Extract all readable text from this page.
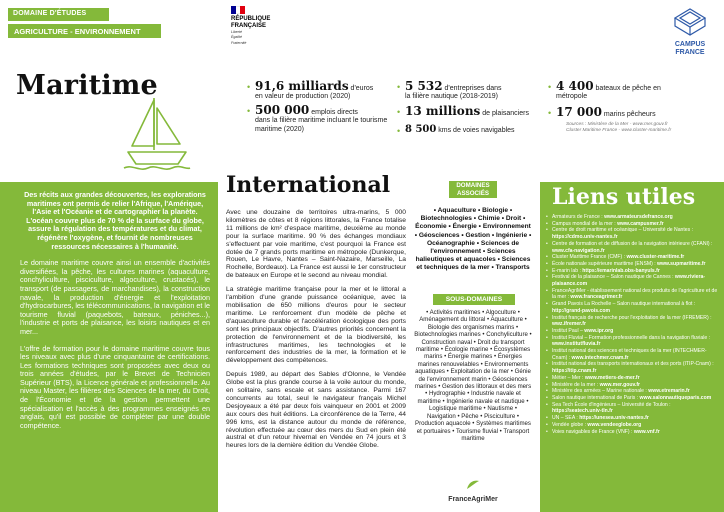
DOMAINE D'ÉTUDES
AGRICULTURE - ENVIRONNEMENT
RÉPUBLIQUE
FRANÇAISE
Liberté
Égalité
Fraternité	CAMPUS
FRANCE
Maritime	• 91,6 milliards d'euros
en valeur de production (2020)
• 500 000 emplois directs
dans la filière maritime incluant le tourisme maritime (2020)
• 5 532 d'entreprises dans
la filière nautique (2018-2019)
• 13 millions de plaisanciers
• 8 500 kms de voies navigables
• 4 400 bateaux de pêche en
métropole
• 17 000 marins pêcheurs
Sources : Ministère de la Mer - www.mer.gouv.fr
Cluster Maritime France - www.cluster-maritime.fr

Des récits aux grandes découvertes, les explorations maritimes ont permis de relier l'Afrique, l'Amérique, l'Asie et l'Océanie et de cartographier la planète. L'océan couvre plus de 70 % de la surface du globe, assure la régulation des températures et du climat, régénère l'oxygène, et fournit de nombreuses ressources nécessaires à l'humanité.

Le domaine maritime couvre ainsi un ensemble d'activités diversifiées, la pêche, les cultures marines (aquaculture, conchyliculture, pisciculture, algoculture, crustacés), le transport (de passagers, de marchandises), la construction navale, la production d'énergie et l'exploitation d'hydrocarbures, les télécommunications, la navigation et le tourisme fluvial (paquebots, bateaux, péniches...), l'industrie et ports de plaisance, les loisirs nautiques et en mer...

L'offre de formation pour le domaine maritime couvre tous les niveaux avec plus d'une cinquantaine de certifications. Les formations techniques sont proposées avec deux ou trois années d'études, par le Brevet de Technicien Supérieur (BTS), la Licence générale et professionnelle. Au niveau Master, les filières des Sciences de la mer, du Droit, de l'Économie et de la gestion permettent une spécialisation et l'accès à des programmes enseignés en anglais, qu'il est possible de compléter par une double compétence.

International

Avec une douzaine de territoires ultra-marins, 5 000 kilomètres de côtes et 8 régions littorales, la France totalise 11 millions de km² d'espace maritime, deuxième au monde pour la surface maritime. 90 % des échanges mondiaux s'effectuent par voie maritime, c'est pourquoi la France est dotée de 7 grands ports maritime en métropole (Dunkerque, Rouen, Le Havre, Nantes – Saint-Nazaire, Marseille, La Rochelle, Bordeaux). La France est aussi le 1er constructeur de bateaux en Europe et le second au niveau mondial.

La stratégie maritime française pour la mer et le littoral a l'ambition d'une grande puissance océanique, avec la mobilisation de 650 millions d'euros pour le secteur maritime. Le renforcement d'un modèle de pêche et d'aquaculture durable et l'accélération écologique des ports sont les principaux objectifs. D'autres priorités concernent la protection de l'environnement et de la biodiversité, les infrastructures maritimes, les technologies et le renforcement des industries de la mer, la formation et le développement des compétences.

Depuis 1989, au départ des Sables d'Olonne, le Vendée Globe est la plus grande course à la voile autour du monde, en solitaire, sans escale et sans assistance. Parmi 167 concurrents au total, seul le navigateur français Michel Desjoyeaux a été par deux fois vainqueur en 2001 et 2009 aux cours des huit éditions. La circonférence de la Terre, 44 996 kms, est la distance autour du monde de référence, révolution effectuée au cœur des mers du Sud en plein été austral et d'un retour hivernal en Vendée en 74 jours et 3 heures lors de la dernière édition du Vendée Globe.

DOMAINES
ASSOCIÉS
• Aquaculture • Biologie • Biotechnologies • Chimie • Droit • Économie • Énergie • Environnement • Géosciences • Gestion • Ingénierie • Océanographie • Sciences de l'environnement • Sciences halieutiques et aquacoles • Sciences et techniques de la mer • Transports
SOUS-DOMAINES
• Activités maritimes • Algoculture • Aménagement du littoral • Aquaculture • Biologie des organismes marins • Biotechnologies marines • Conchyliculture • Construction naval • Droit du transport maritime • Écologie marine • Écosystèmes marins • Énergie marines • Énergies marines renouvelables • Environnements aquatiques • Exploitation de la mer • Génie de l'environnement marin • Géosciences marines • Gestion des littoraux et des mers • Hydrographie • Industrie navale et maritime • Ingénierie navale et nautique • Logistique maritime • Nautisme • Navigation • Pêche • Pisciculture • Production aquacole • Systèmes maritimes et portuaires • Tourisme fluvial • Transport maritime
FranceAgriMer
Liens utiles
• Armateurs de France : www.armateursdefrance.org
• Campus mondial de la mer : www.campusmer.fr
• Centre de droit maritime et océanique – Université de Nantes : https://cdmo.univ-nantes.fr
• Centre de formation et de diffusion de la navigation intérieure (CFANI) : www.cfa-navigation.fr
• Cluster Maritime France (CMF) : www.cluster-maritime.fr
• École nationale supérieure maritime (ENSM) : www.supmaritime.fr
• E-marin lab : https://emarinlab.obs-banyuls.fr
• Festival de la plaisance – Salon nautique de Cannes : www.riviera-plaisance.com
• FranceAgriMer - établissement national des produits de l'agriculture et de la mer : www.franceagrimer.fr
• Grand Pavois La Rochelle – Salon nautique international à flot : http://grand-pavois.com
• Institut français de recherche pour l'exploitation de la mer (IFREMER) : wwz.ifremer.fr
• Institut Paul – www.ipr.org
• Institut Fluvial – Formation professionnelle dans la navigation fluviale : www.institutfluvia.fr
• Institut national des sciences et techniques de la mer (INTECHMER-Cnam) : www.intechmer.cnam.fr
• Institut national des transports internationaux et des ports (ITIP-Cnam) : https://itip.cnam.fr
• Métier – Mer : www.metiers-de-mer.fr
• Ministère de la mer : www.mer.gouv.fr
• Ministère des armées – Marine nationale : www.etremarin.fr
• Salon nautique international de Paris : www.salonnautiqueparis.com
• Sea Tech École d'ingénieurs – Université de Toulon : https://seatech.univ-tln.fr
• UN – SEA : https://unesea.univ-nantes.fr
• Vendée globe : www.vendeeglobe.org
• Voies navigables de France (VNF) : www.vnf.fr
